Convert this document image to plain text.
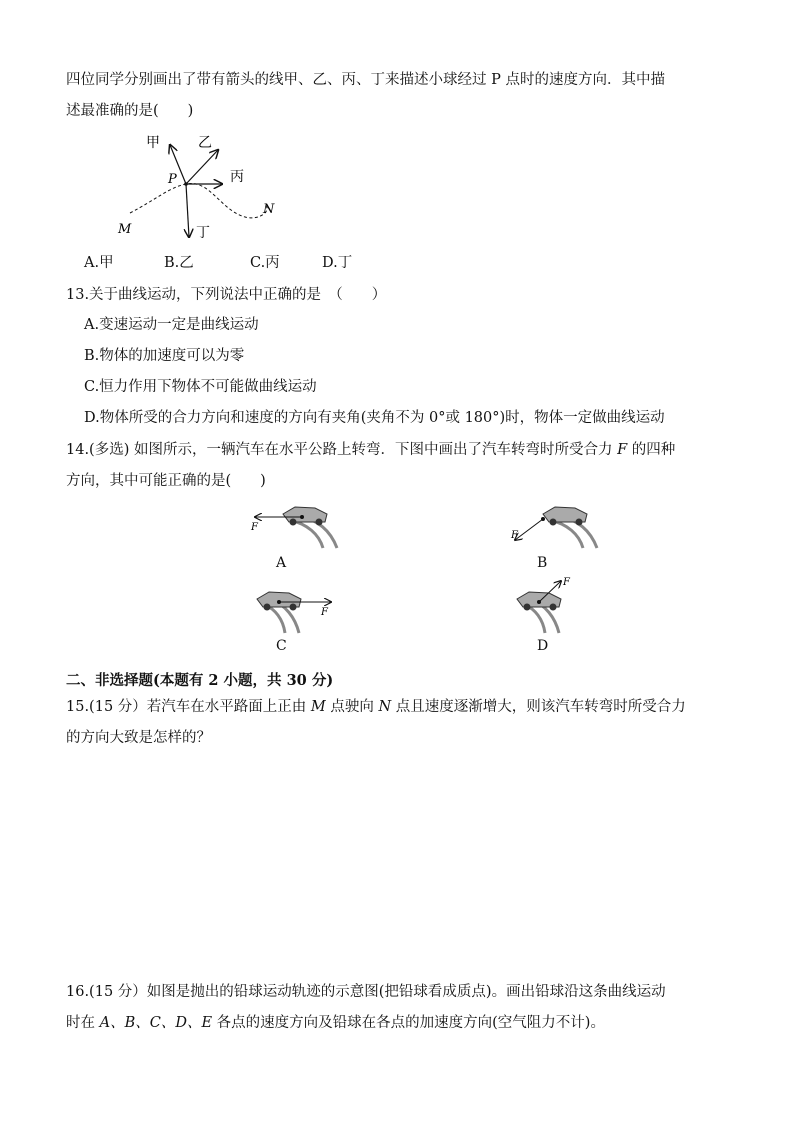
四位同学分别画出了带有箭头的线甲、乙、丙、丁来描述小球经过 P 点时的速度方向．其中描
述最准确的是(　　)
甲	乙
丙
丁
P
M
N
A.甲	B.乙	C.丙	D.丁
13.关于曲线运动，下列说法中正确的是　（　　）
A.变速运动一定是曲线运动
B.物体的加速度可以为零
C.恒力作用下物体不可能做曲线运动
D.物体所受的合力方向和速度的方向有夹角(夹角不为 0°或 180°)时，物体一定做曲线运动
14.(多选) 如图所示，一辆汽车在水平公路上转弯．下图中画出了汽车转弯时所受合力 F 的四种
方向，其中可能正确的是(　　)
F
A
F
B
F
C
F
D
二、非选择题(本题有 2 小题，共 30 分)
15.(15 分）若汽车在水平路面上正由 M 点驶向 N 点且速度逐渐增大，则该汽车转弯时所受合力
的方向大致是怎样的？
16.(15 分）如图是抛出的铅球运动轨迹的示意图(把铅球看成质点)。画出铅球沿这条曲线运动
时在 A、B、C、D、E 各点的速度方向及铅球在各点的加速度方向(空气阻力不计)。
